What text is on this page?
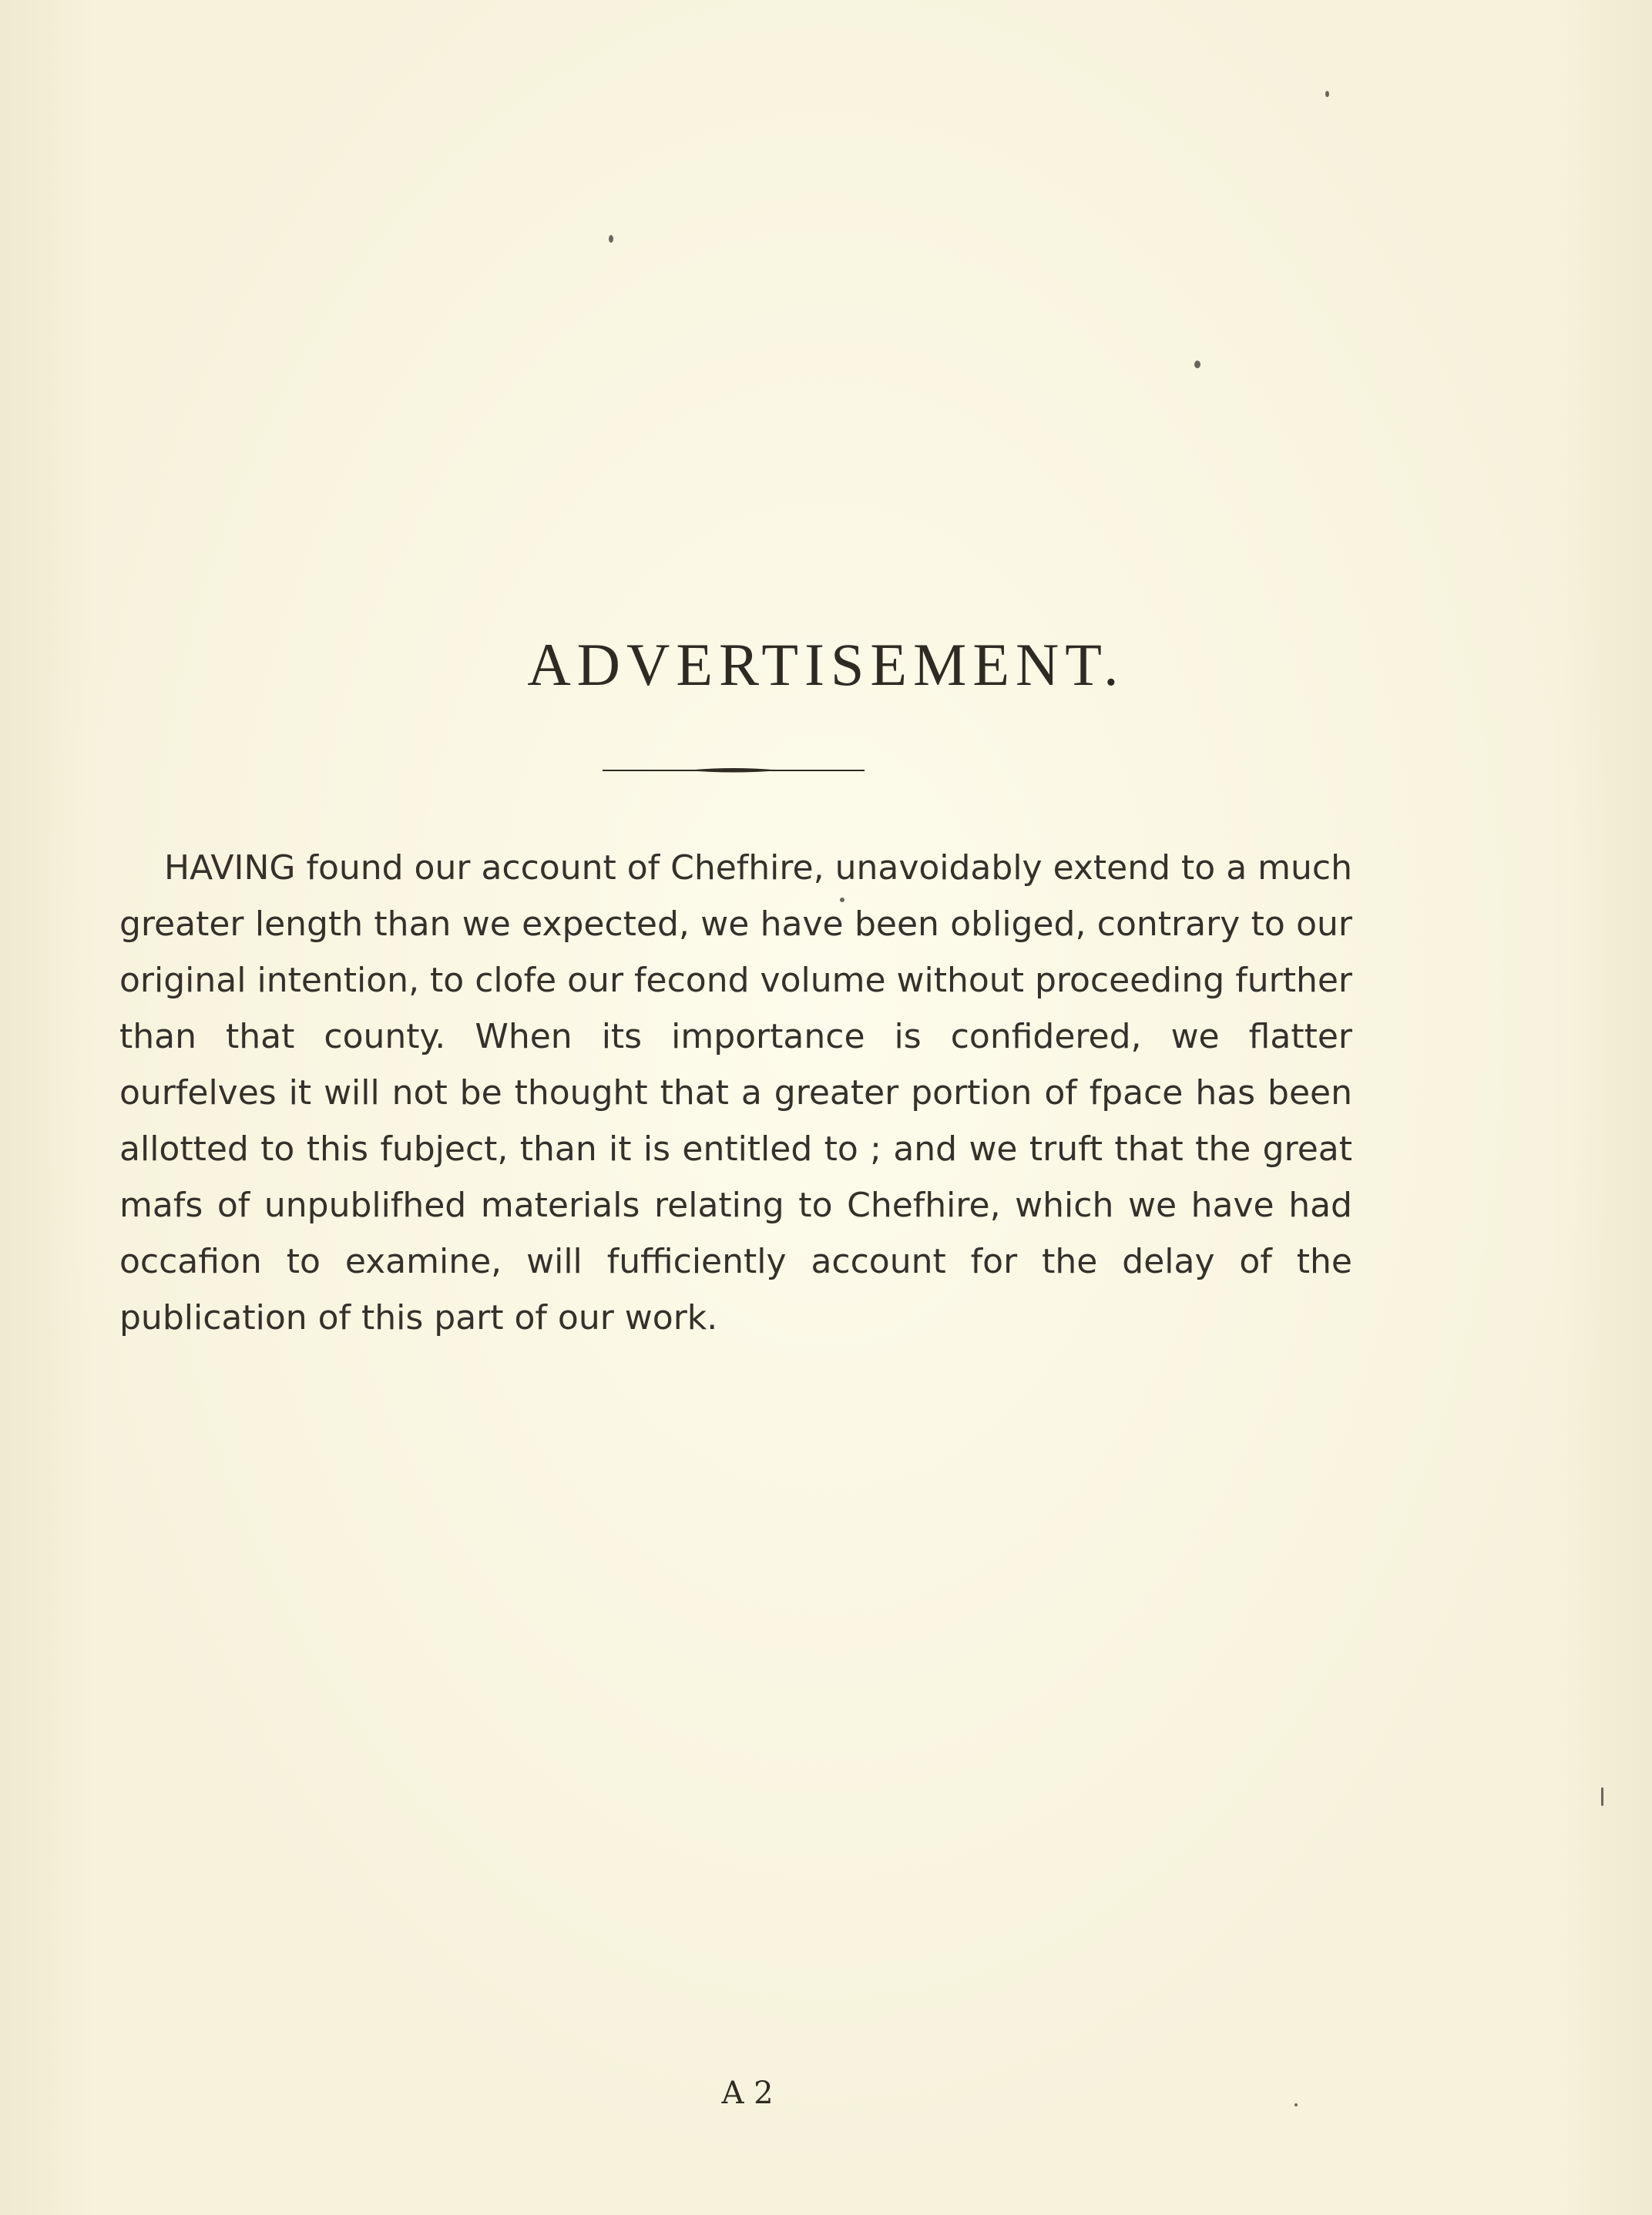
ADVERTISEMENT.

HAVING found our account of Chefhire, unavoidably extend to a much greater length than we expected, we have been obliged, contrary to our original intention, to clofe our fecond volume without proceeding further than that county. When its importance is confidered, we flatter ourfelves it will not be thought that a greater portion of fpace has been allotted to this fubject, than it is entitled to ; and we truft that the great mafs of unpublifhed materials relating to Chefhire, which we have had occafion to examine, will fufficiently account for the delay of the publication of this part of our work.

A 2
